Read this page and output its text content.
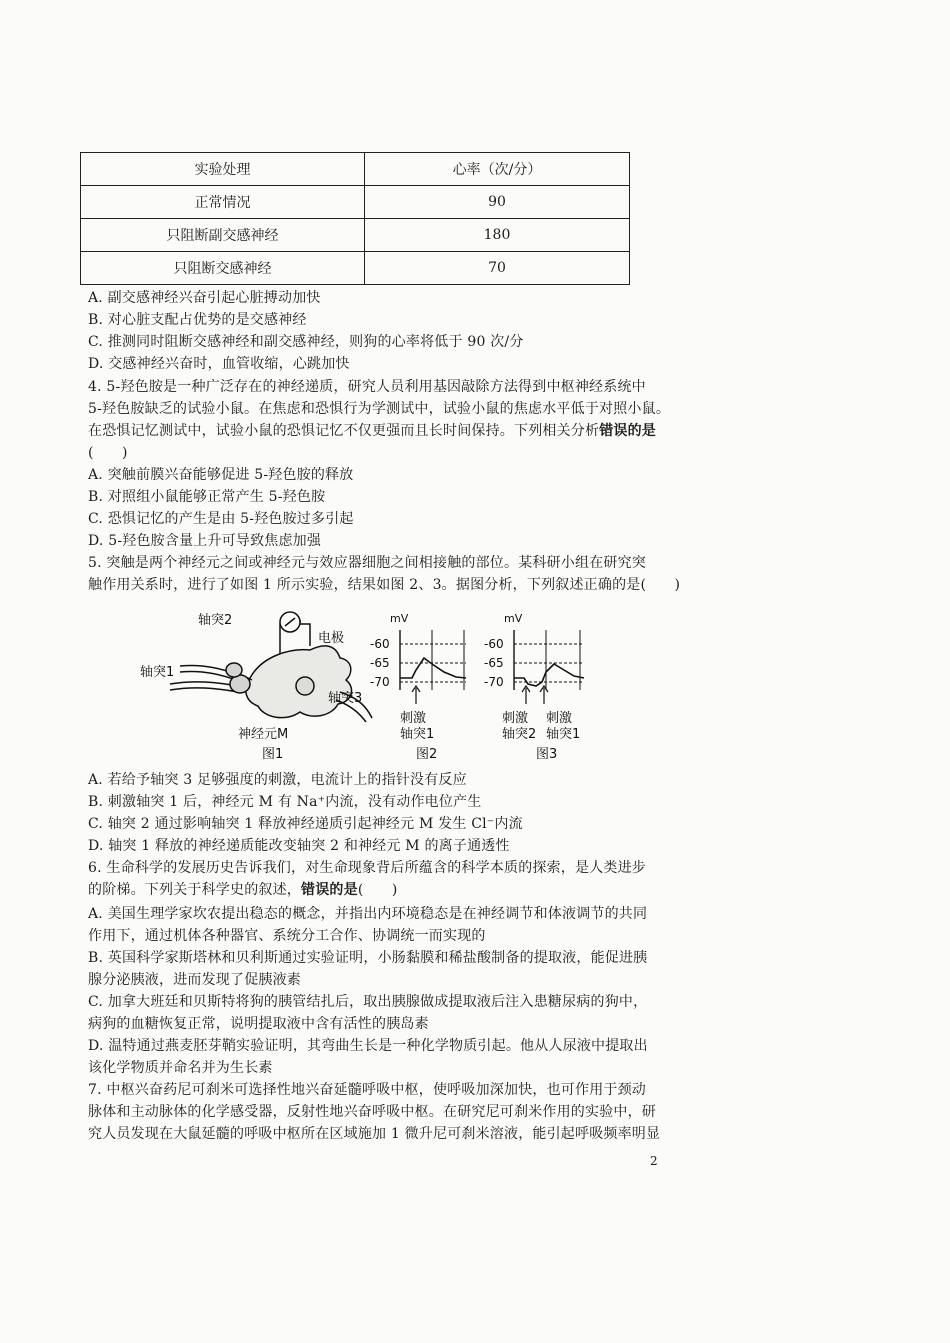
实验处理	心率（次/分）
正常情况	90
只阻断副交感神经	180
只阻断交感神经	70
A. 副交感神经兴奋引起心脏搏动加快
B. 对心脏支配占优势的是交感神经
C. 推测同时阻断交感神经和副交感神经，则狗的心率将低于 90 次/分
D. 交感神经兴奋时，血管收缩，心跳加快
4. 5-羟色胺是一种广泛存在的神经递质，研究人员利用基因敲除方法得到中枢神经系统中
5-羟色胺缺乏的试验小鼠。在焦虑和恐惧行为学测试中，试验小鼠的焦虑水平低于对照小鼠。
在恐惧记忆测试中，试验小鼠的恐惧记忆不仅更强而且长时间保持。下列相关分析错误的是
(　　)
A. 突触前膜兴奋能够促进 5-羟色胺的释放
B. 对照组小鼠能够正常产生 5-羟色胺
C. 恐惧记忆的产生是由 5-羟色胺过多引起
D. 5-羟色胺含量上升可导致焦虑加强
5. 突触是两个神经元之间或神经元与效应器细胞之间相接触的部位。某科研小组在研究突
触作用关系时，进行了如图 1 所示实验，结果如图 2、3。据图分析，下列叙述正确的是(　　)
轴突2
电极
轴突1
轴突3
神经元M
图1
mV
-60
-65
-70
刺激
轴突1
图2
mV
-60
-65
-70
刺激 刺激
轴突2 轴突1
图3
A. 若给予轴突 3 足够强度的刺激，电流计上的指针没有反应
B. 刺激轴突 1 后，神经元 M 有 Na⁺内流，没有动作电位产生
C. 轴突 2 通过影响轴突 1 释放神经递质引起神经元 M 发生 Cl⁻内流
D. 轴突 1 释放的神经递质能改变轴突 2 和神经元 M 的离子通透性
6. 生命科学的发展历史告诉我们，对生命现象背后所蕴含的科学本质的探索，是人类进步
的阶梯。下列关于科学史的叙述，错误的是(　　)
A. 美国生理学家坎农提出稳态的概念，并指出内环境稳态是在神经调节和体液调节的共同
作用下，通过机体各种器官、系统分工合作、协调统一而实现的
B. 英国科学家斯塔林和贝利斯通过实验证明，小肠黏膜和稀盐酸制备的提取液，能促进胰
腺分泌胰液，进而发现了促胰液素
C. 加拿大班廷和贝斯特将狗的胰管结扎后，取出胰腺做成提取液后注入患糖尿病的狗中，
病狗的血糖恢复正常，说明提取液中含有活性的胰岛素
D. 温特通过燕麦胚芽鞘实验证明，其弯曲生长是一种化学物质引起。他从人尿液中提取出
该化学物质并命名并为生长素
7. 中枢兴奋药尼可刹米可选择性地兴奋延髓呼吸中枢，使呼吸加深加快，也可作用于颈动
脉体和主动脉体的化学感受器，反射性地兴奋呼吸中枢。在研究尼可刹米作用的实验中，研
究人员发现在大鼠延髓的呼吸中枢所在区域施加 1 微升尼可刹米溶液，能引起呼吸频率明显
2
